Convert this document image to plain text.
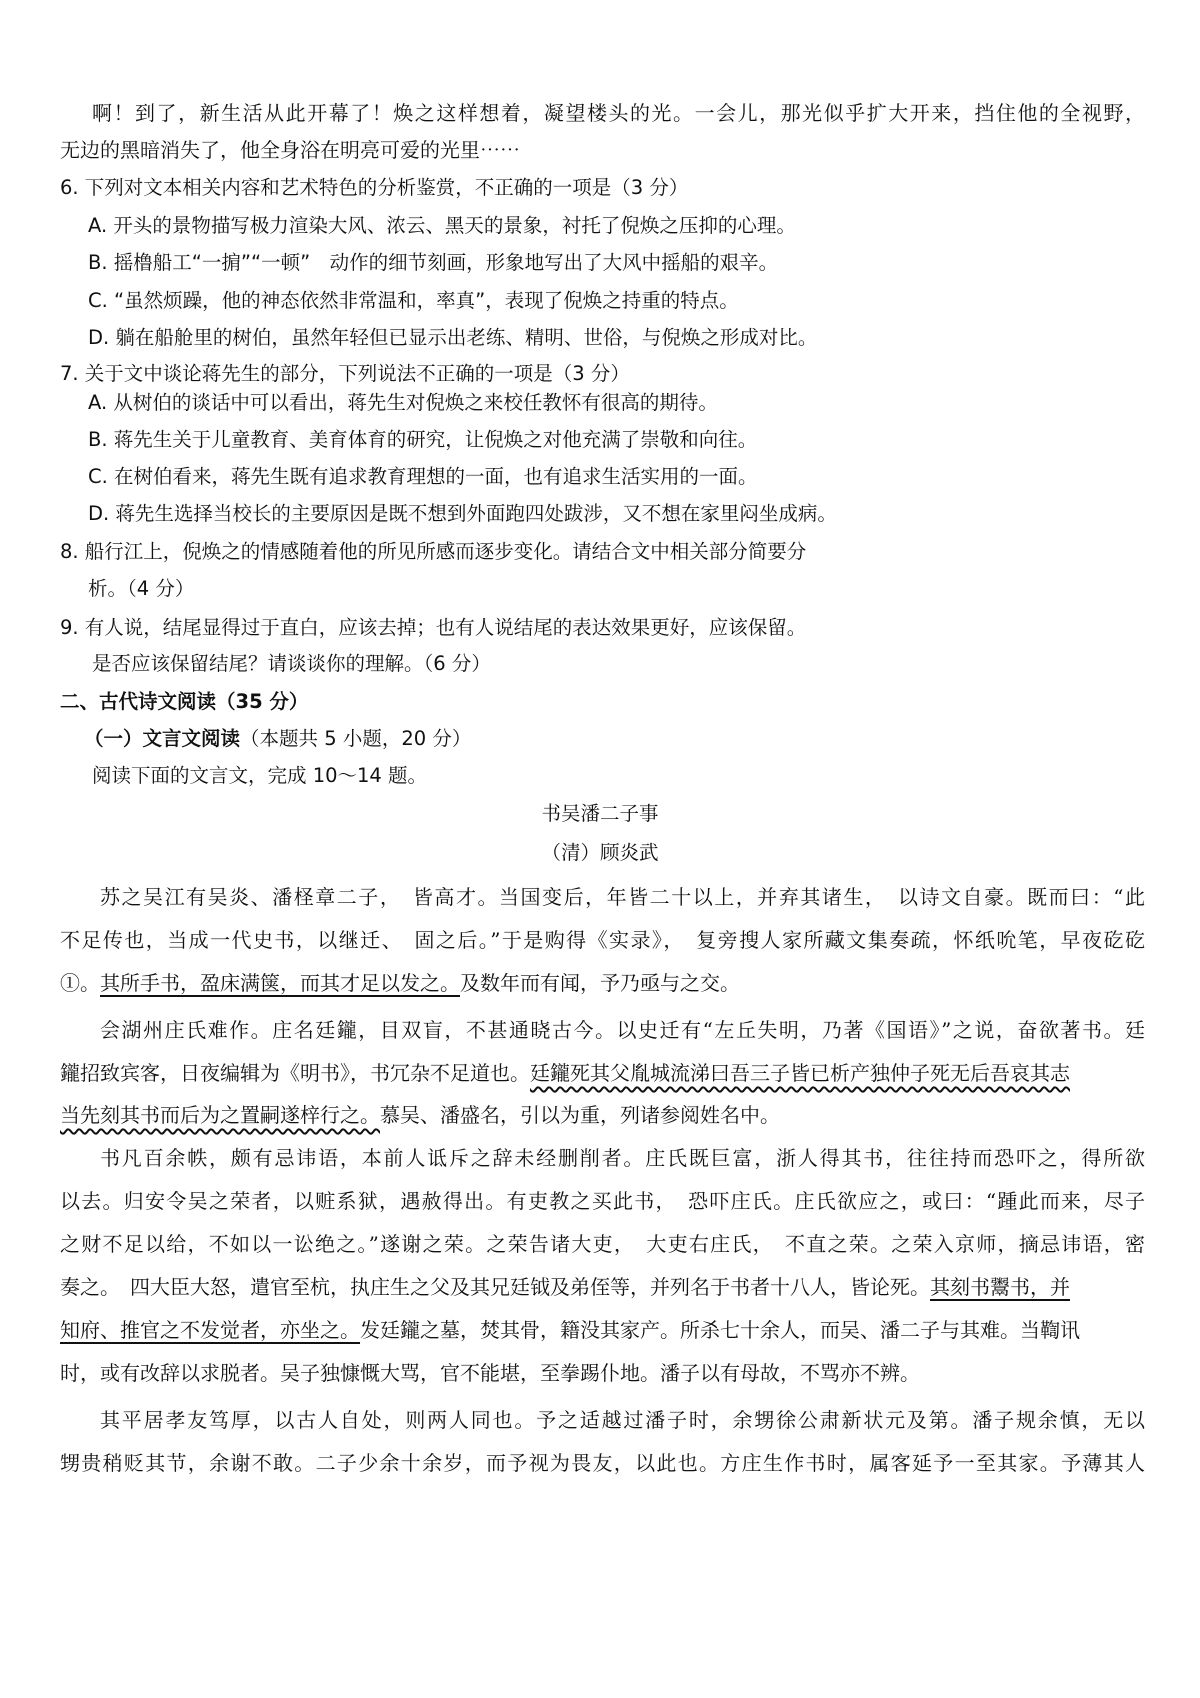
啊！到了，新生活从此开幕了！焕之这样想着，凝望楼头的光。一会儿，那光似乎扩大开来，挡住他的全视野，
无边的黑暗消失了，他全身浴在明亮可爱的光里⋯⋯
6. 下列对文本相关内容和艺术特色的分析鉴赏，不正确的一项是（3 分）
A. 开头的景物描写极力渲染大风、浓云、黑天的景象，衬托了倪焕之压抑的心理。
B. 摇橹船工“一掮”“一顿”　动作的细节刻画，形象地写出了大风中摇船的艰辛。
C. “虽然烦躁，他的神态依然非常温和，率真”，表现了倪焕之持重的特点。
D. 躺在船舱里的树伯，虽然年轻但已显示出老练、精明、世俗，与倪焕之形成对比。
7. 关于文中谈论蒋先生的部分，下列说法不正确的一项是（3 分）
A. 从树伯的谈话中可以看出，蒋先生对倪焕之来校任教怀有很高的期待。
B. 蒋先生关于儿童教育、美育体育的研究，让倪焕之对他充满了崇敬和向往。
C. 在树伯看来，蒋先生既有追求教育理想的一面，也有追求生活实用的一面。
D. 蒋先生选择当校长的主要原因是既不想到外面跑四处跋涉，又不想在家里闷坐成病。
8. 船行江上，倪焕之的情感随着他的所见所感而逐步变化。请结合文中相关部分简要分
析。（4 分）
9. 有人说，结尾显得过于直白，应该去掉；也有人说结尾的表达效果更好，应该保留。
是否应该保留结尾？请谈谈你的理解。（6 分）
二、古代诗文阅读（35 分）
（一）文言文阅读（本题共 5 小题，20 分）
阅读下面的文言文，完成 10～14 题。
书吴潘二子事
（清）顾炎武
苏之吴江有吴炎、潘柽章二子，　皆高才。当国变后，年皆二十以上，并弃其诸生，　以诗文自豪。既而曰：“此
不足传也，当成一代史书，以继迁、　固之后。”于是购得《实录》，　复旁搜人家所藏文集奏疏，怀纸吮笔，早夜矻矻
①。其所手书，盈床满箧，而其才足以发之。及数年而有闻，予乃亟与之交。
会湖州庄氏难作。庄名廷鑨，目双盲，不甚通晓古今。以史迁有“左丘失明，乃著《国语》”之说，奋欲著书。廷
鑨招致宾客，日夜编辑为《明书》，书冗杂不足道也。廷鑨死其父胤城流涕曰吾三子皆已析产独仲子死无后吾哀其志
当先刻其书而后为之置嗣遂梓行之。慕吴、潘盛名，引以为重，列诸参阅姓名中。
书凡百余帙，颇有忌讳语，本前人诋斥之辞未经删削者。庄氏既巨富，浙人得其书，往往持而恐吓之，得所欲
以去。归安令吴之荣者，以赃系狱，遇赦得出。有吏教之买此书，　恐吓庄氏。庄氏欲应之，或曰：“踵此而来，尽子
之财不足以给，不如以一讼绝之。”遂谢之荣。之荣告诸大吏，　大吏右庄氏，　不直之荣。之荣入京师，摘忌讳语，密
奏之。　四大臣大怒，遣官至杭，执庄生之父及其兄廷钺及弟侄等，并列名于书者十八人，皆论死。其刻书鬻书，并
知府、推官之不发觉者，亦坐之。发廷鑨之墓，焚其骨，籍没其家产。所杀七十余人，而吴、潘二子与其难。当鞫讯
时，或有改辞以求脱者。吴子独慷慨大骂，官不能堪，至拳踢仆地。潘子以有母故，不骂亦不辨。
其平居孝友笃厚，以古人自处，则两人同也。予之适越过潘子时，余甥徐公肃新状元及第。潘子规余慎，无以
甥贵稍贬其节，余谢不敢。二子少余十余岁，而予视为畏友，以此也。方庄生作书时，属客延予一至其家。予薄其人
